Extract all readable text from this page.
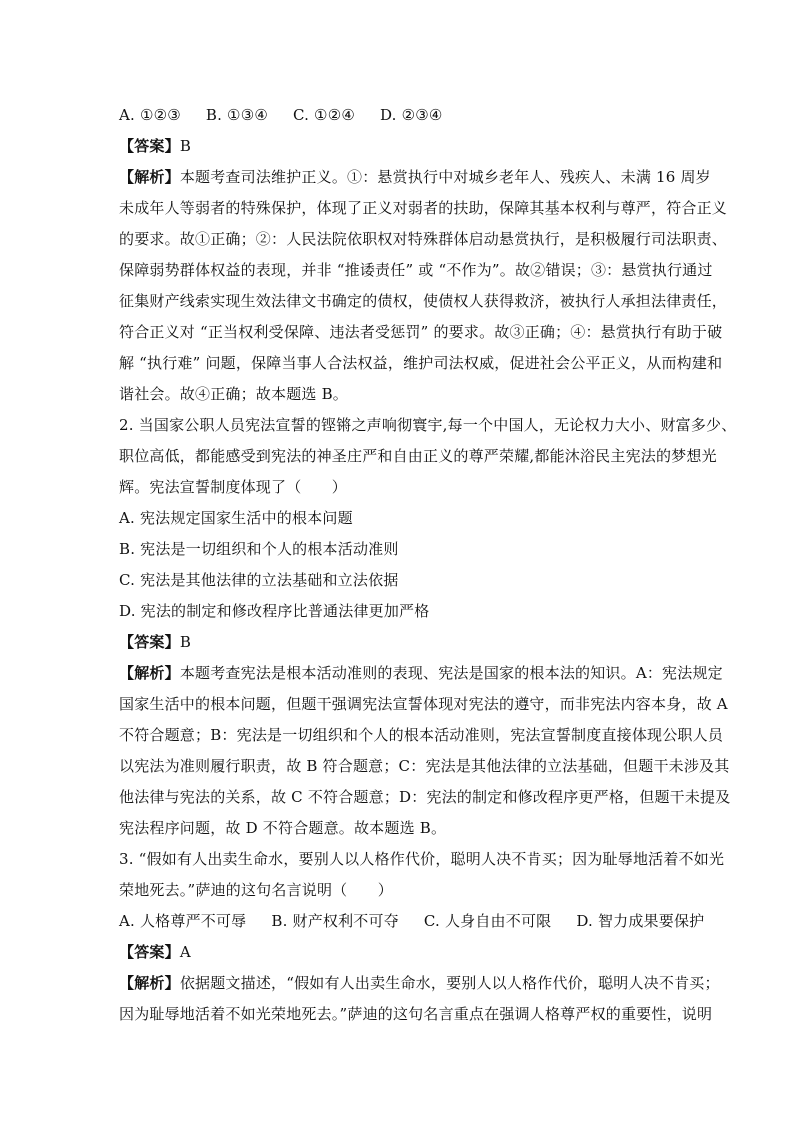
A. ①②③ B. ①③④ C. ①②④ D. ②③④
【答案】B
【解析】本题考查司法维护正义。①：悬赏执行中对城乡老年人、残疾人、未满 16 周岁
未成年人等弱者的特殊保护，体现了正义对弱者的扶助，保障其基本权利与尊严，符合正义
的要求。故①正确；②：人民法院依职权对特殊群体启动悬赏执行，是积极履行司法职责、
保障弱势群体权益的表现，并非 “推诿责任” 或 “不作为”。故②错误；③：悬赏执行通过
征集财产线索实现生效法律文书确定的债权，使债权人获得救济，被执行人承担法律责任，
符合正义对 “正当权利受保障、违法者受惩罚” 的要求。故③正确；④：悬赏执行有助于破
解 “执行难” 问题，保障当事人合法权益，维护司法权威，促进社会公平正义，从而构建和
谐社会。故④正确；故本题选 B。
2. 当国家公职人员宪法宣誓的铿锵之声响彻寰宇,每一个中国人，无论权力大小、财富多少、
职位高低，都能感受到宪法的神圣庄严和自由正义的尊严荣耀,都能沐浴民主宪法的梦想光
辉。宪法宣誓制度体现了（　　）
A. 宪法规定国家生活中的根本问题
B. 宪法是一切组织和个人的根本活动准则
C. 宪法是其他法律的立法基础和立法依据
D. 宪法的制定和修改程序比普通法律更加严格
【答案】B
【解析】本题考查宪法是根本活动准则的表现、宪法是国家的根本法的知识。A：宪法规定
国家生活中的根本问题，但题干强调宪法宣誓体现对宪法的遵守，而非宪法内容本身，故 A
不符合题意；B：宪法是一切组织和个人的根本活动准则，宪法宣誓制度直接体现公职人员
以宪法为准则履行职责，故 B 符合题意；C：宪法是其他法律的立法基础，但题干未涉及其
他法律与宪法的关系，故 C 不符合题意；D：宪法的制定和修改程序更严格，但题干未提及
宪法程序问题，故 D 不符合题意。故本题选 B。
3. “假如有人出卖生命水，要别人以人格作代价，聪明人决不肯买；因为耻辱地活着不如光
荣地死去。”萨迪的这句名言说明（　　）
A. 人格尊严不可辱 B. 财产权利不可夺 C. 人身自由不可限 D. 智力成果要保护
【答案】A
【解析】依据题文描述，“假如有人出卖生命水，要别人以人格作代价，聪明人决不肯买；
因为耻辱地活着不如光荣地死去。”萨迪的这句名言重点在强调人格尊严权的重要性，说明
